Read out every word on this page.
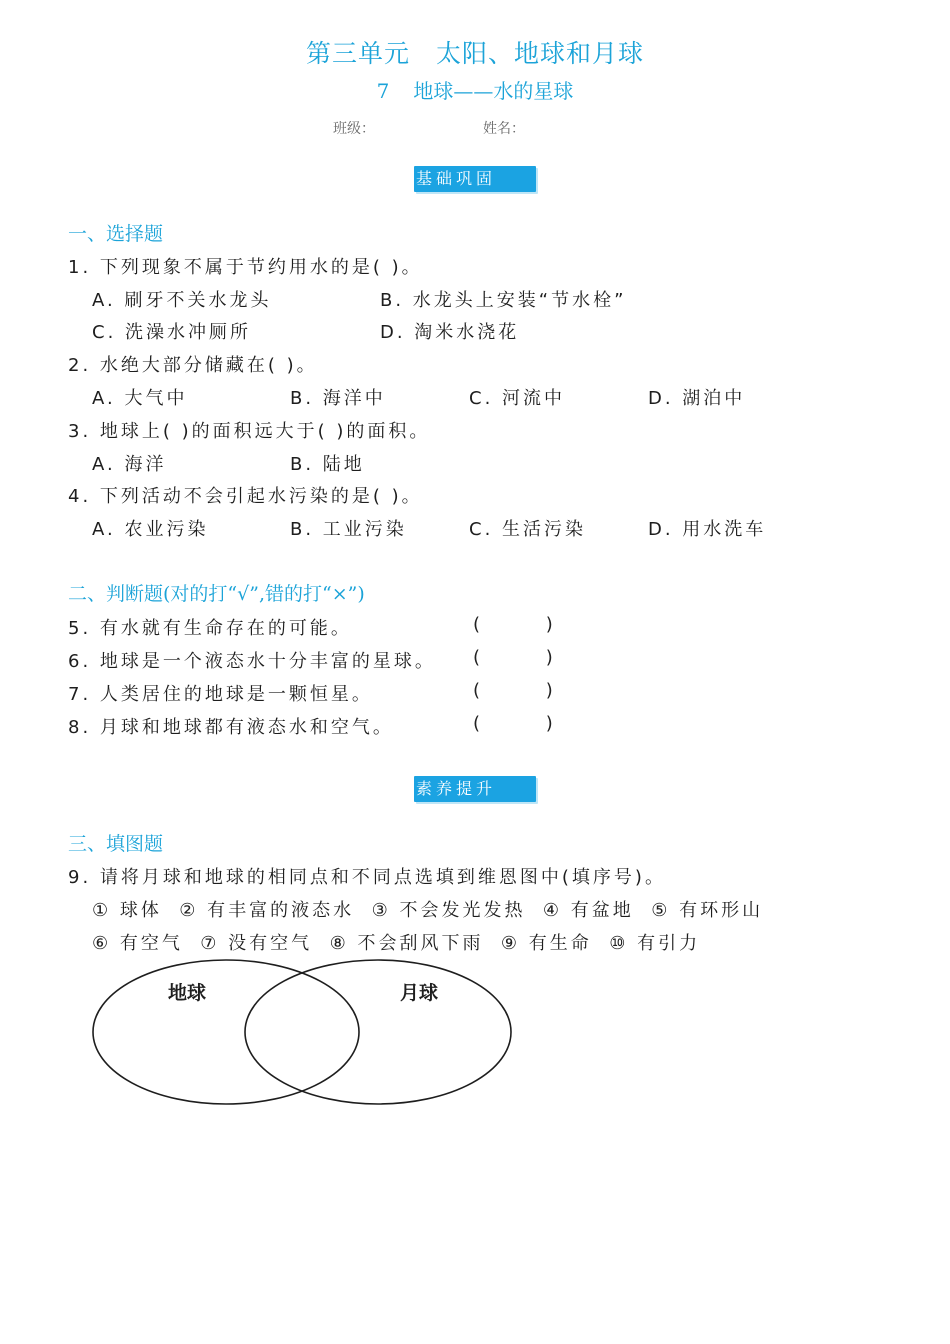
第三单元 太阳、地球和月球
7 地球——水的星球
班级：	姓名：
基础巩固
一、选择题
1. 下列现象不属于节约用水的是( )。
A. 刷牙不关水龙头	B. 水龙头上安装“节水栓”
C. 洗澡水冲厕所	D. 淘米水浇花
2. 水绝大部分储藏在( )。
A. 大气中	B. 海洋中	C. 河流中	D. 湖泊中
3. 地球上( )的面积远大于( )的面积。
A. 海洋	B. 陆地
4. 下列活动不会引起水污染的是( )。
A. 农业污染	B. 工业污染	C. 生活污染	D. 用水洗车
二、判断题(对的打“√”,错的打“×”)
5. 有水就有生命存在的可能。	( )
6. 地球是一个液态水十分丰富的星球。 ( )
7. 人类居住的地球是一颗恒星。	( )
8. 月球和地球都有液态水和空气。	( )
素养提升
三、填图题
9. 请将月球和地球的相同点和不同点选填到维恩图中(填序号)。
① 球体  ② 有丰富的液态水  ③ 不会发光发热  ④ 有盆地  ⑤ 有环形山
⑥ 有空气  ⑦ 没有空气  ⑧ 不会刮风下雨  ⑨ 有生命  ⑩ 有引力
地球	月球
